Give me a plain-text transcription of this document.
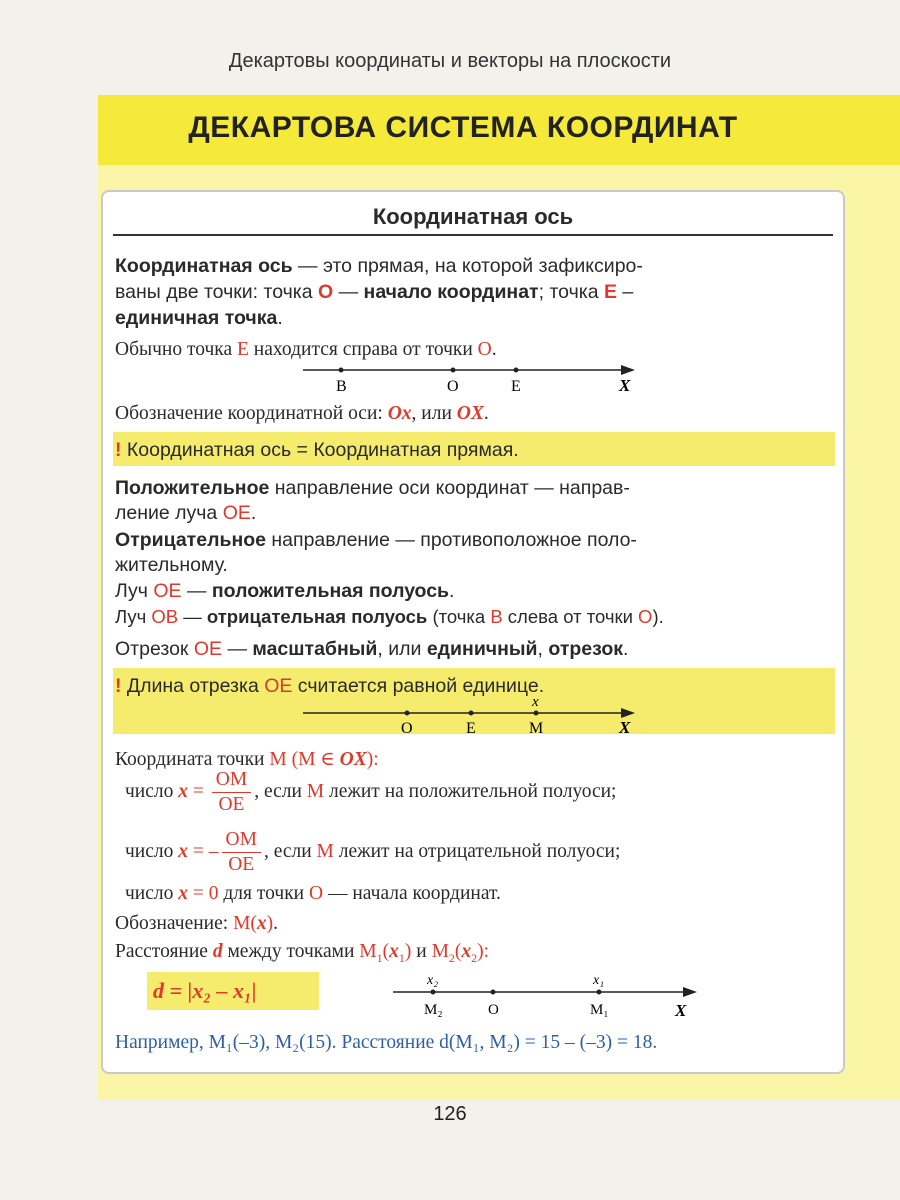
Декартовы координаты и векторы на плоскости
ДЕКАРТОВА СИСТЕМА КООРДИНАТ
Координатная ось
Координатная ось — это прямая, на которой зафиксиро-
ваны две точки: точка О — начало координат; точка Е –
единичная точка.
Обычно точка Е находится справа от точки О.
B	O	E	X
Обозначение координатной оси: Ox, или OX.
! Координатная ось = Координатная прямая.
Положительное направление оси координат — направ-
ление луча ОЕ.
Отрицательное направление — противоположное поло-
жительному.
Луч ОЕ — положительная полуось.
Луч ОВ — отрицательная полуось (точка В слева от точки О).
Отрезок ОЕ — масштабный, или единичный, отрезок.
! Длина отрезка ОЕ считается равной единице.
x
O	E	M	X
Координата точки М (М ∈ OX):
число $x = \frac{OM}{OE}$ , если М лежит на положительной полуоси;
число x = – $\frac{OM}{OE}$ , если М лежит на отрицательной полуоси;
число x = 0 для точки О — начала координат.
Обозначение: М(x).
Расстояние d между точками $М_1(x_1)$ и $М_2(x_2)$:
d = |x₂ – x₁|	x₂	x₁
M₂	O	M₁	X
Например, М₁(–3), М₂(15). Расстояние d(М₁, М₂) = 15 – (–3) = 18.
126
